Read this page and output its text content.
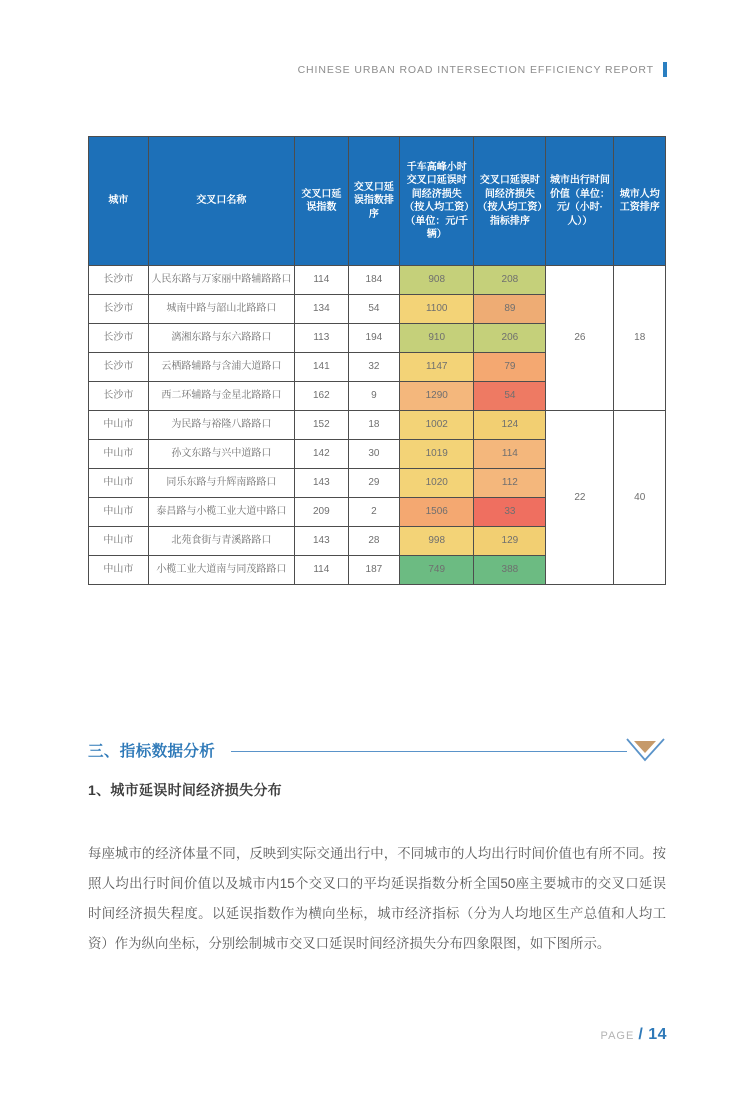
CHINESE URBAN ROAD INTERSECTION EFFICIENCY REPORT
城市	交叉口名称	交叉口延误指数	交叉口延误指数排序	千车高峰小时交叉口延误时间经济损失（按人均工资）（单位：元/千辆）	交叉口延误时间经济损失（按人均工资）指标排序	城市出行时间价值（单位：元/（小时·人））	城市人均工资排序
长沙市	人民东路与万家丽中路辅路路口	114	184	908	208	26	18
长沙市	城南中路与韶山北路路口	134	54	1100	89		
长沙市	漓湘东路与东六路路口	113	194	910	206		
长沙市	云栖路辅路与含浦大道路口	141	32	1147	79		
长沙市	西二环辅路与金星北路路口	162	9	1290	54		
中山市	为民路与裕隆八路路口	152	18	1002	124	22	40
中山市	孙文东路与兴中道路口	142	30	1019	114		
中山市	同乐东路与升辉南路路口	143	29	1020	112		
中山市	泰昌路与小榄工业大道中路口	209	2	1506	33		
中山市	北苑食街与青溪路路口	143	28	998	129		
中山市	小榄工业大道南与同茂路路口	114	187	749	388		
三、指标数据分析
1、城市延误时间经济损失分布

每座城市的经济体量不同，反映到实际交通出行中，不同城市的人均出行时间价值也有所不同。按照人均出行时间价值以及城市内15个交叉口的平均延误指数分析全国50座主要城市的交叉口延误时间经济损失程度。以延误指数作为横向坐标，城市经济指标（分为人均地区生产总值和人均工资）作为纵向坐标，分别绘制城市交叉口延误时间经济损失分布四象限图，如下图所示。

PAGE / 14
